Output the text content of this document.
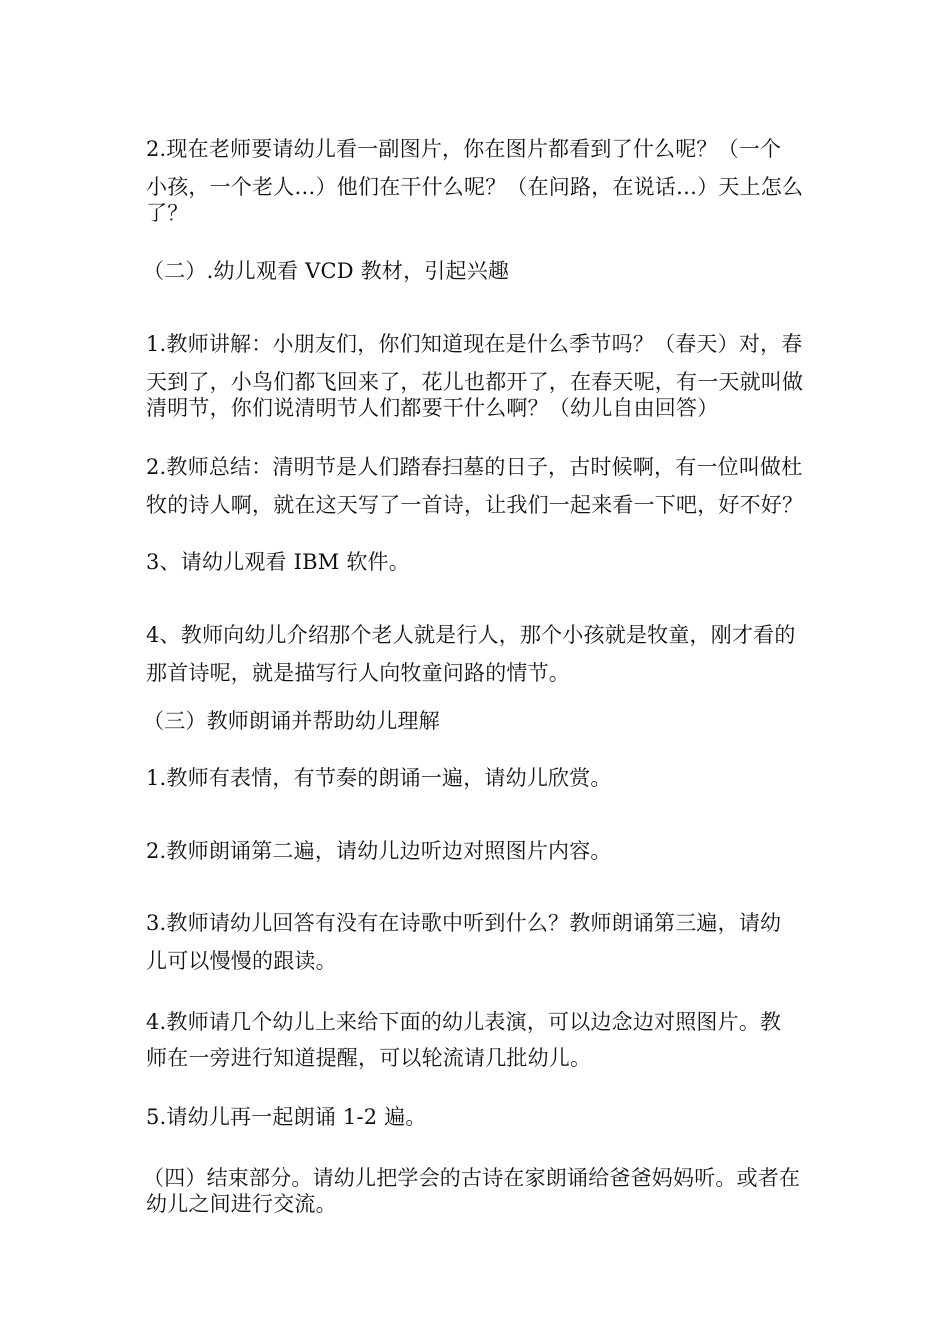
2.现在老师要请幼儿看一副图片，你在图片都看到了什么呢？（一个
小孩，一个老人…）他们在干什么呢？（在问路，在说话…）天上怎么
了？
（二）.幼儿观看 VCD 教材，引起兴趣
1.教师讲解：小朋友们，你们知道现在是什么季节吗？（春天）对，春
天到了，小鸟们都飞回来了，花儿也都开了，在春天呢，有一天就叫做
清明节，你们说清明节人们都要干什么啊？（幼儿自由回答）
2.教师总结：清明节是人们踏春扫墓的日子，古时候啊，有一位叫做杜
牧的诗人啊，就在这天写了一首诗，让我们一起来看一下吧，好不好？
3、请幼儿观看 IBM 软件。
4、教师向幼儿介绍那个老人就是行人，那个小孩就是牧童，刚才看的
那首诗呢，就是描写行人向牧童问路的情节。
（三）教师朗诵并帮助幼儿理解
1.教师有表情，有节奏的朗诵一遍，请幼儿欣赏。
2.教师朗诵第二遍，请幼儿边听边对照图片内容。
3.教师请幼儿回答有没有在诗歌中听到什么？教师朗诵第三遍，请幼
儿可以慢慢的跟读。
4.教师请几个幼儿上来给下面的幼儿表演，可以边念边对照图片。教
师在一旁进行知道提醒，可以轮流请几批幼儿。
5.请幼儿再一起朗诵 1-2 遍。
（四）结束部分。请幼儿把学会的古诗在家朗诵给爸爸妈妈听。或者在
幼儿之间进行交流。
